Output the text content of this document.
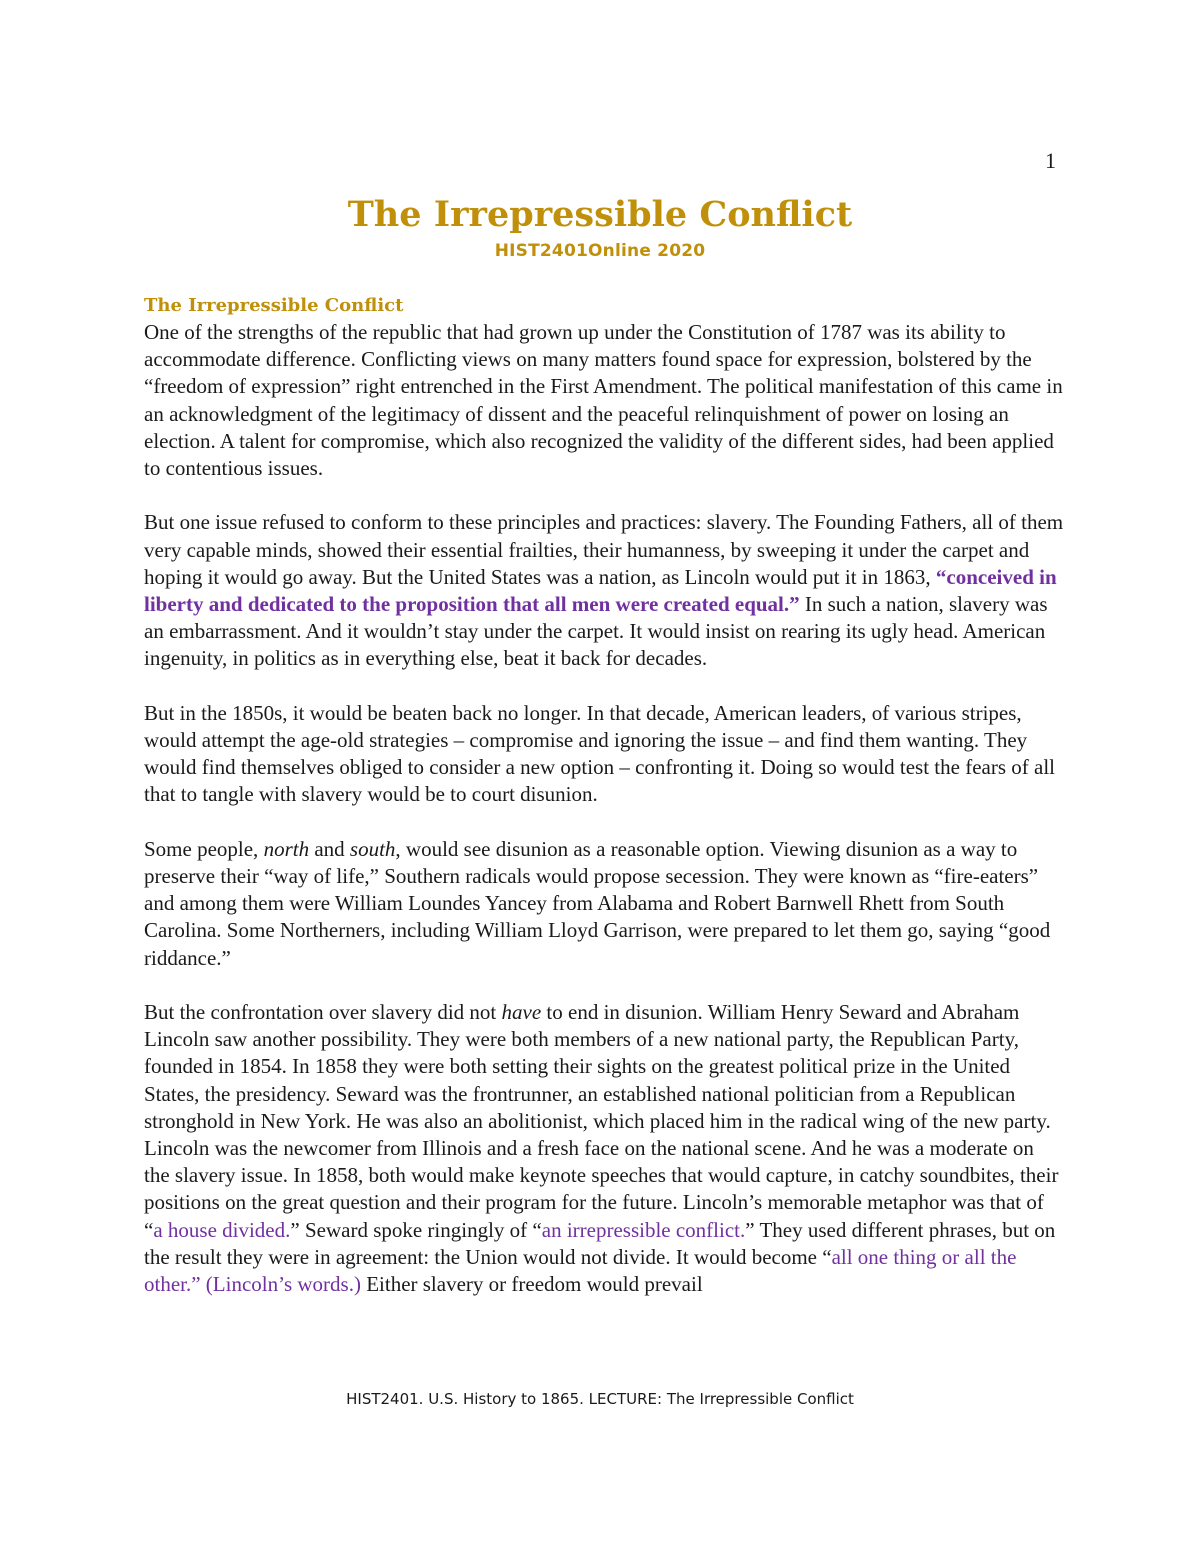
1
The Irrepressible Conflict

HIST2401Online 2020

The Irrepressible Conflict

One of the strengths of the republic that had grown up under the Constitution of 1787 was its ability to accommodate difference. Conflicting views on many matters found space for expression, bolstered by the “freedom of expression” right entrenched in the First Amendment. The political manifestation of this came in an acknowledgment of the legitimacy of dissent and the peaceful relinquishment of power on losing an election. A talent for compromise, which also recognized the validity of the different sides, had been applied to contentious issues.

But one issue refused to conform to these principles and practices: slavery. The Founding Fathers, all of them very capable minds, showed their essential frailties, their humanness, by sweeping it under the carpet and hoping it would go away. But the United States was a nation, as Lincoln would put it in 1863, “conceived in liberty and dedicated to the proposition that all men were created equal.” In such a nation, slavery was an embarrassment. And it wouldn’t stay under the carpet. It would insist on rearing its ugly head. American ingenuity, in politics as in everything else, beat it back for decades.

But in the 1850s, it would be beaten back no longer. In that decade, American leaders, of various stripes, would attempt the age-old strategies – compromise and ignoring the issue – and find them wanting. They would find themselves obliged to consider a new option – confronting it. Doing so would test the fears of all that to tangle with slavery would be to court disunion.

Some people, north and south, would see disunion as a reasonable option. Viewing disunion as a way to preserve their “way of life,” Southern radicals would propose secession. They were known as “fire-eaters” and among them were William Loundes Yancey from Alabama and Robert Barnwell Rhett from South Carolina. Some Northerners, including William Lloyd Garrison, were prepared to let them go, saying “good riddance.”

But the confrontation over slavery did not have to end in disunion. William Henry Seward and Abraham Lincoln saw another possibility. They were both members of a new national party, the Republican Party, founded in 1854. In 1858 they were both setting their sights on the greatest political prize in the United States, the presidency. Seward was the frontrunner, an established national politician from a Republican stronghold in New York. He was also an abolitionist, which placed him in the radical wing of the new party. Lincoln was the newcomer from Illinois and a fresh face on the national scene. And he was a moderate on the slavery issue. In 1858, both would make keynote speeches that would capture, in catchy soundbites, their positions on the great question and their program for the future. Lincoln’s memorable metaphor was that of “a house divided.” Seward spoke ringingly of “an irrepressible conflict.” They used different phrases, but on the result they were in agreement: the Union would not divide. It would become “all one thing or all the other.” (Lincoln’s words.) Either slavery or freedom would prevail

HIST2401. U.S. History to 1865. LECTURE: The Irrepressible Conflict
